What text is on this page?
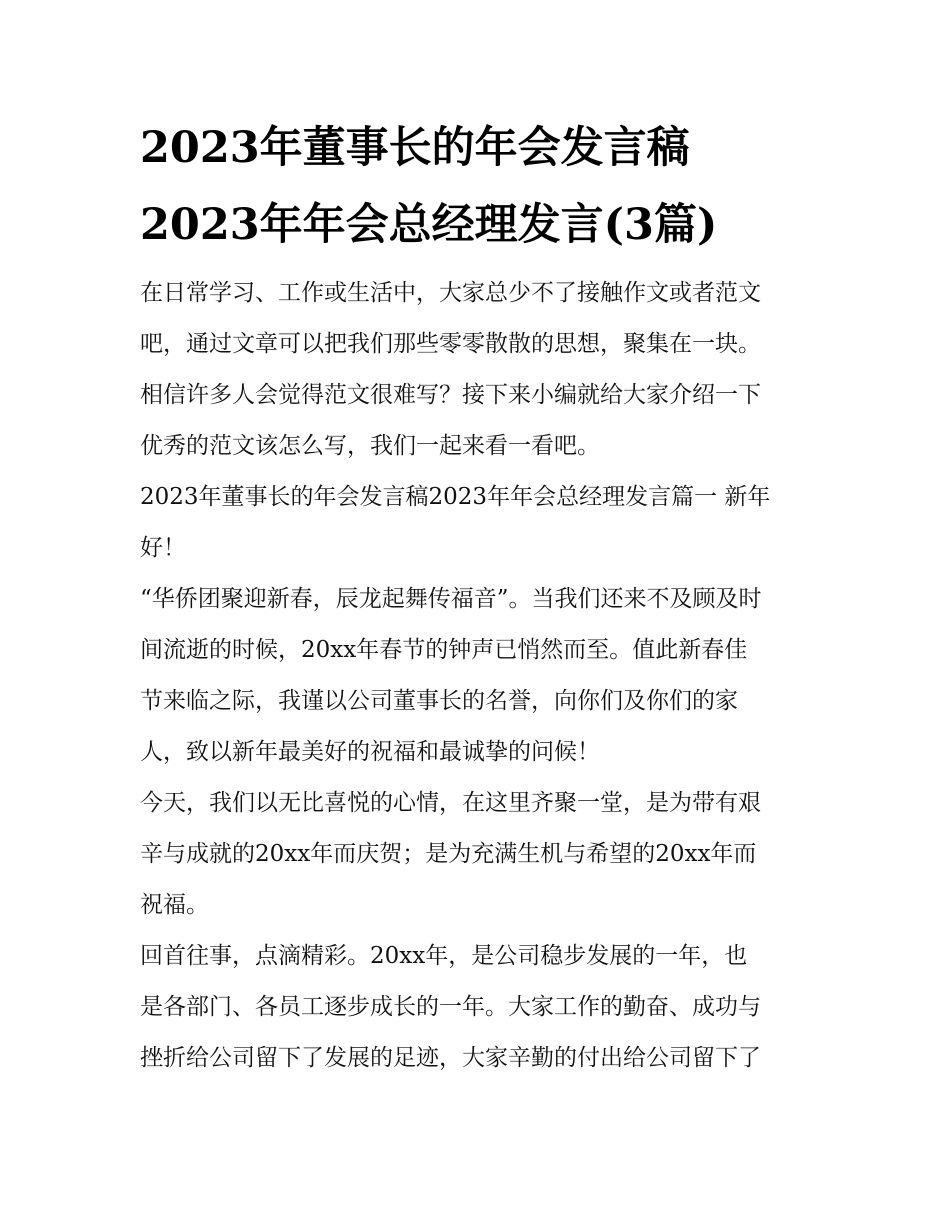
2023年董事长的年会发言稿
2023年年会总经理发言(3篇)
在日常学习、工作或生活中，大家总少不了接触作文或者范文
吧，通过文章可以把我们那些零零散散的思想，聚集在一块。
相信许多人会觉得范文很难写？接下来小编就给大家介绍一下
优秀的范文该怎么写，我们一起来看一看吧。
2023年董事长的年会发言稿2023年年会总经理发言篇一 新年
好！
“华侨团聚迎新春，辰龙起舞传福音”。当我们还来不及顾及时
间流逝的时候，20xx年春节的钟声已悄然而至。值此新春佳
节来临之际，我谨以公司董事长的名誉，向你们及你们的家
人，致以新年最美好的祝福和最诚挚的问候！
今天，我们以无比喜悦的心情，在这里齐聚一堂，是为带有艰
辛与成就的20xx年而庆贺；是为充满生机与希望的20xx年而
祝福。
回首往事，点滴精彩。20xx年，是公司稳步发展的一年，也
是各部门、各员工逐步成长的一年。大家工作的勤奋、成功与
挫折给公司留下了发展的足迹，大家辛勤的付出给公司留下了
